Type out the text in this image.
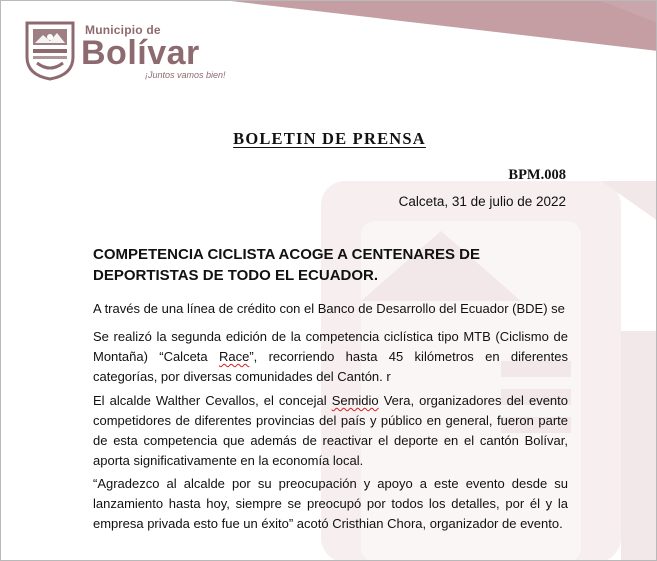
Municipio de
Bolívar
¡Juntos vamos bien!
BOLETIN DE PRENSA
BPM.008
Calceta, 31 de julio de 2022
COMPETENCIA CICLISTA ACOGE A CENTENARES DE DEPORTISTAS DE TODO EL ECUADOR.
A través de una línea de crédito con el Banco de Desarrollo del Ecuador (BDE) se
Se realizó la segunda edición de la competencia ciclística tipo MTB (Ciclismo de Montaña) “Calceta Race”, recorriendo hasta 45 kilómetros en diferentes categorías, por diversas comunidades del Cantón. r
El alcalde Walther Cevallos, el concejal Semidio Vera, organizadores del evento competidores de diferentes provincias del país y público en general, fueron parte de esta competencia que además de reactivar el deporte en el cantón Bolívar, aporta significativamente en la economía local.
“Agradezco al alcalde por su preocupación y apoyo a este evento desde su lanzamiento hasta hoy, siempre se preocupó por todos los detalles, por él y la empresa privada esto fue un éxito” acotó Cristhian Chora, organizador de evento.
